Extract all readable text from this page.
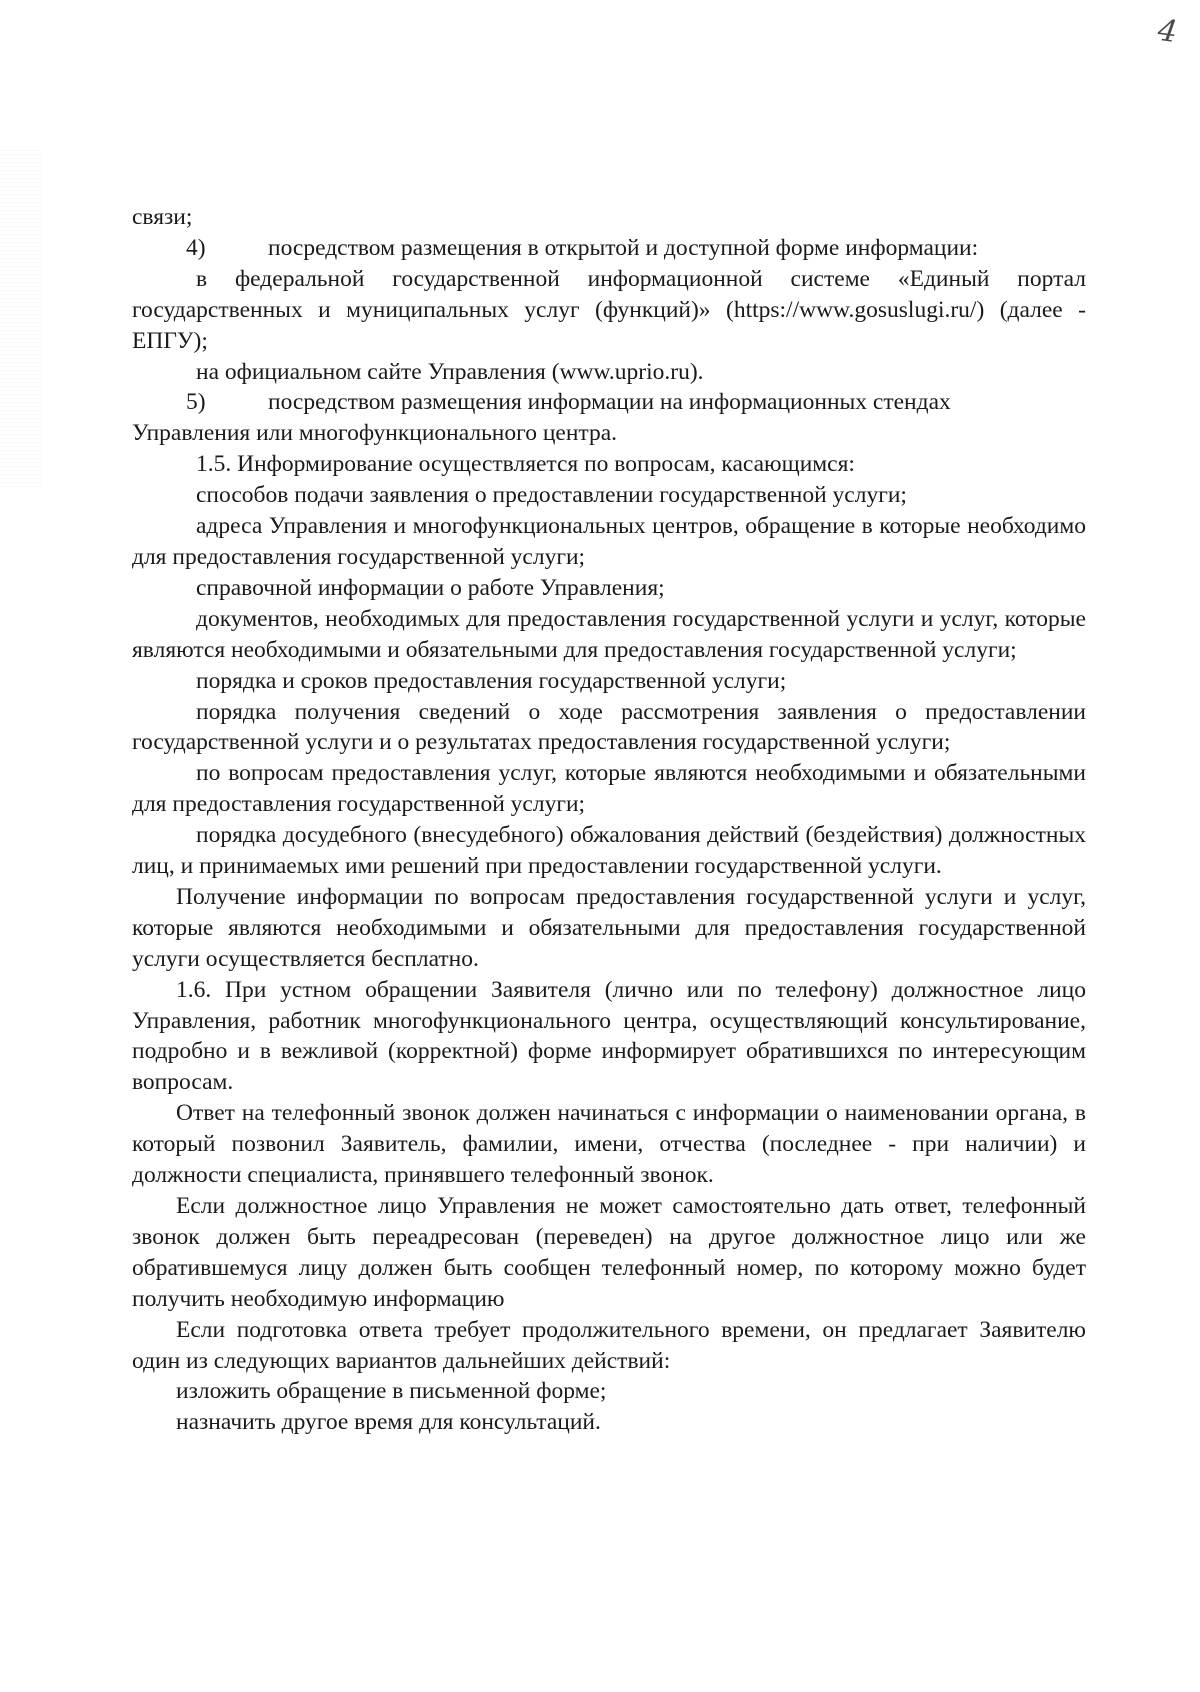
4

связи;

4)	посредством размещения в открытой и доступной форме информации:

в федеральной государственной информационной системе «Единый портал государственных и муниципальных услуг (функций)» (https://www.gosuslugi.ru/) (далее - ЕПГУ);

на официальном сайте Управления (www.uprio.ru).

5)	посредством размещения информации на информационных стендах

Управления или многофункционального центра.

1.5. Информирование осуществляется по вопросам, касающимся:

способов подачи заявления о предоставлении государственной услуги;

адреса Управления и многофункциональных центров, обращение в которые необходимо для предоставления государственной услуги;

справочной информации о работе Управления;

документов, необходимых для предоставления государственной услуги и услуг, которые являются необходимыми и обязательными для предоставления государственной услуги;

порядка и сроков предоставления государственной услуги;

порядка получения сведений о ходе рассмотрения заявления о предоставлении государственной услуги и о результатах предоставления государственной услуги;

по вопросам предоставления услуг, которые являются необходимыми и обязательными для предоставления государственной услуги;

порядка досудебного (внесудебного) обжалования действий (бездействия) должностных лиц, и принимаемых ими решений при предоставлении государственной услуги.

Получение информации по вопросам предоставления государственной услуги и услуг, которые являются необходимыми и обязательными для предоставления государственной услуги осуществляется бесплатно.

1.6. При устном обращении Заявителя (лично или по телефону) должностное лицо Управления, работник многофункционального центра, осуществляющий консультирование, подробно и в вежливой (корректной) форме информирует обратившихся по интересующим вопросам.

Ответ на телефонный звонок должен начинаться с информации о наименовании органа, в который позвонил Заявитель, фамилии, имени, отчества (последнее - при наличии) и должности специалиста, принявшего телефонный звонок.

Если должностное лицо Управления не может самостоятельно дать ответ, телефонный звонок должен быть переадресован (переведен) на другое должностное лицо или же обратившемуся лицу должен быть сообщен телефонный номер, по которому можно будет получить необходимую информацию

Если подготовка ответа требует продолжительного времени, он предлагает Заявителю один из следующих вариантов дальнейших действий:

изложить обращение в письменной форме;

назначить другое время для консультаций.
